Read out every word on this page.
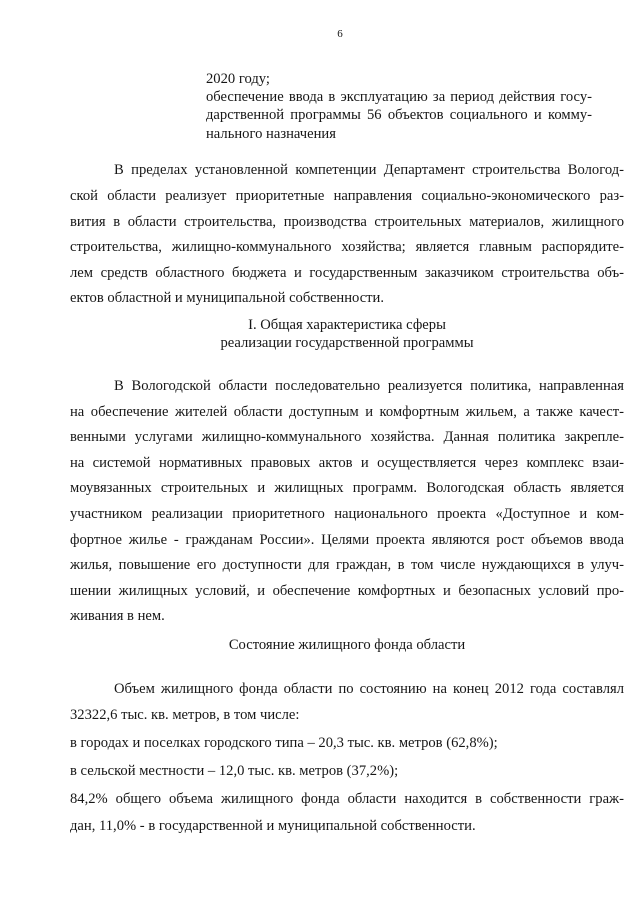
6
2020 году;
обеспечение ввода в эксплуатацию за период действия госу-
дарственной программы 56 объектов социального и комму-
нального назначения
В пределах установленной компетенции Департамент строительства Вологод-
ской области реализует приоритетные направления социально-экономического раз-
вития в области строительства, производства строительных материалов, жилищного
строительства, жилищно-коммунального хозяйства; является главным распорядите-
лем средств областного бюджета и государственным заказчиком строительства объ-
ектов областной и муниципальной собственности.
I. Общая характеристика сферы
реализации государственной программы
В Вологодской области последовательно реализуется политика, направленная
на обеспечение жителей области доступным и комфортным жильем, а также качест-
венными услугами жилищно-коммунального хозяйства. Данная политика закрепле-
на системой нормативных правовых актов и осуществляется через комплекс взаи-
моувязанных строительных и жилищных программ. Вологодская область является
участником реализации приоритетного национального проекта «Доступное и ком-
фортное жилье - гражданам России». Целями проекта являются рост объемов ввода
жилья, повышение его доступности для граждан, в том числе нуждающихся в улуч-
шении жилищных условий, и обеспечение комфортных и безопасных условий про-
живания в нем.
Состояние жилищного фонда области
Объем жилищного фонда области по состоянию на конец 2012 года составлял
32322,6 тыс. кв. метров, в том числе:
в городах и поселках городского типа – 20,3 тыс. кв. метров (62,8%);
в сельской местности – 12,0 тыс. кв. метров (37,2%);
84,2% общего объема жилищного фонда области находится в собственности граж-
дан, 11,0% - в государственной и муниципальной собственности.
